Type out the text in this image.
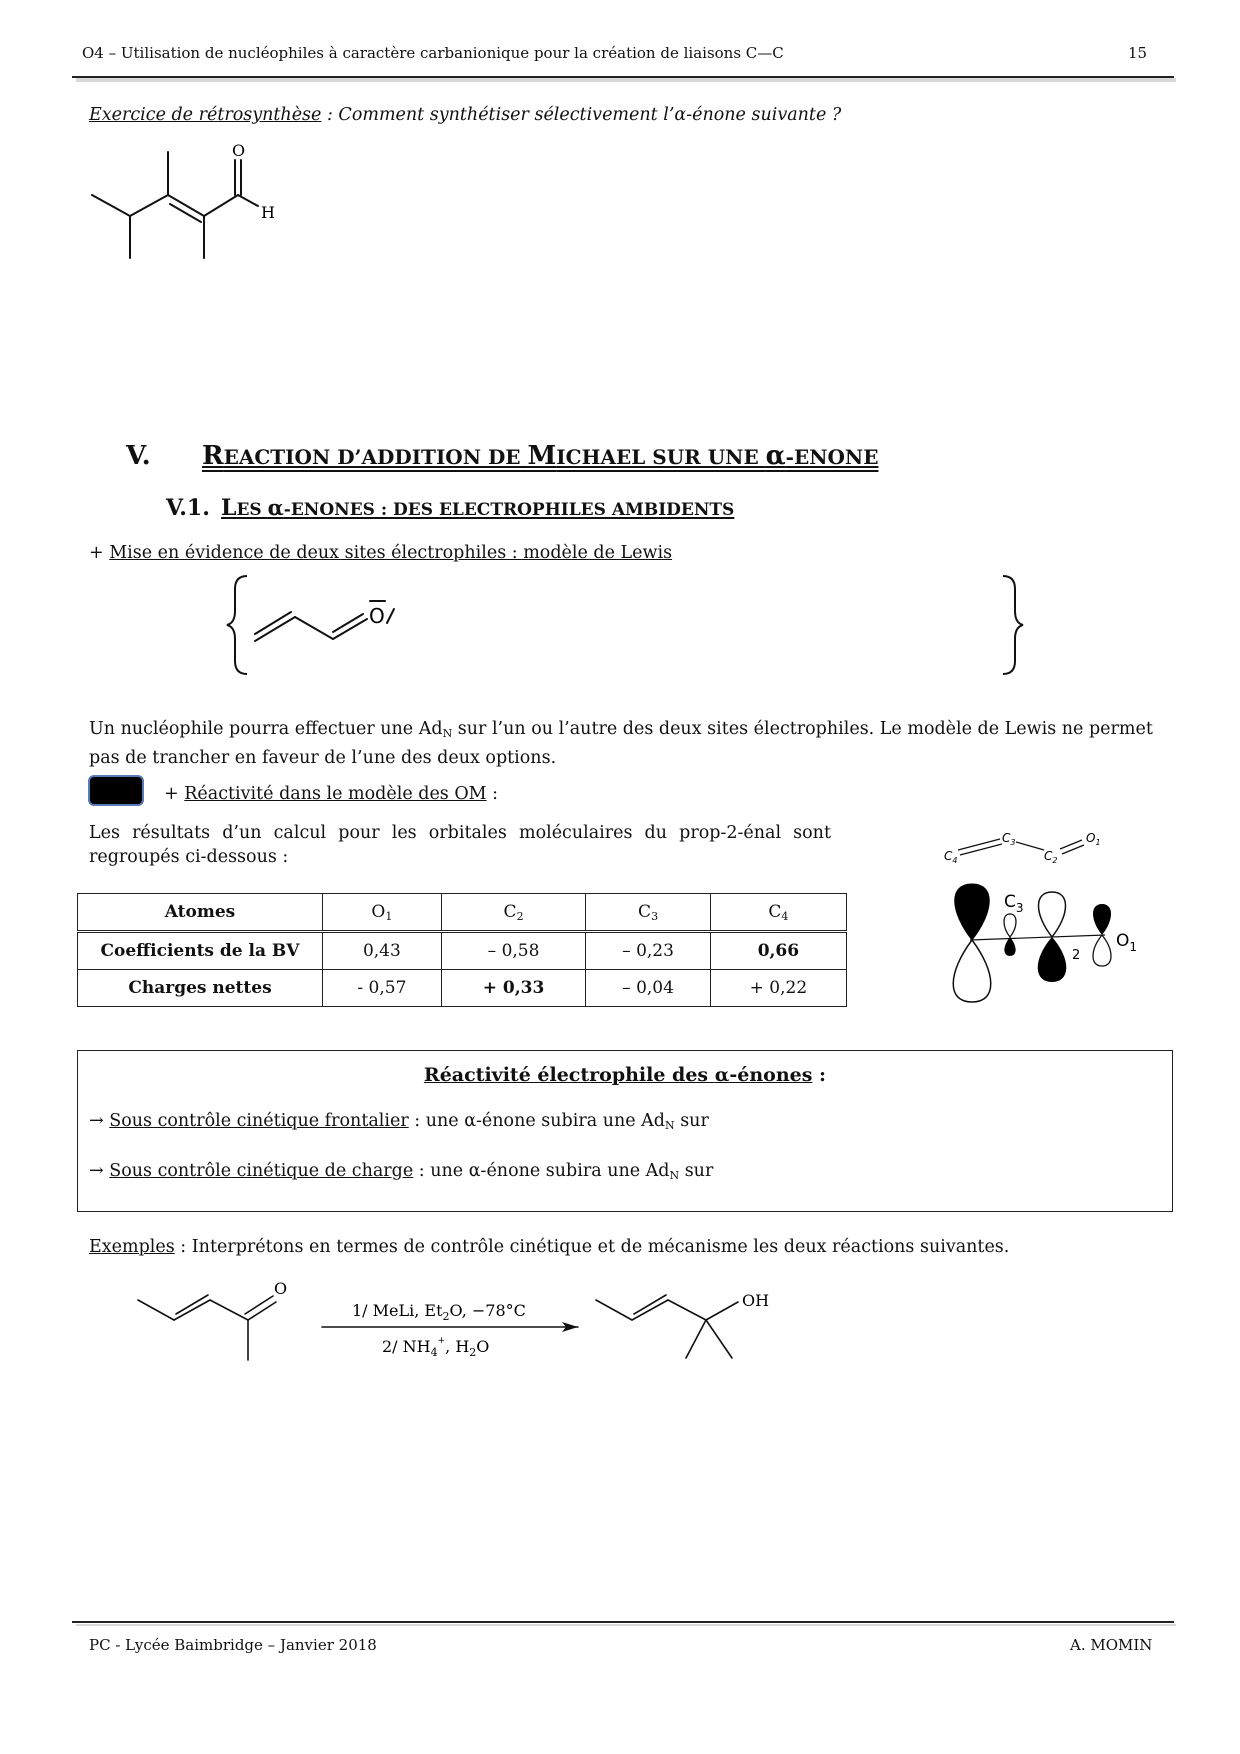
O4 – Utilisation de nucléophiles à caractère carbanionique pour la création de liaisons C—C	15
Exercice de rétrosynthèse : Comment synthétiser sélectivement l’α-énone suivante ?
O
H
V. REACTION D’ADDITION DE MICHAEL SUR UNE α-ENONE
V.1. LES α-ENONES : DES ELECTROPHILES AMBIDENTS
+ Mise en évidence de deux sites électrophiles : modèle de Lewis
O
Un nucléophile pourra effectuer une $Ad_N$ sur l’un ou l’autre des deux sites électrophiles. Le modèle de Lewis ne permet pas de trancher en faveur de l’une des deux options.
+ Réactivité dans le modèle des OM :
Les résultats d’un calcul pour les orbitales moléculaires du prop-2-énal sont regroupés ci-dessous :
Atomes	$O_1$	$C_2$	$C_3$	$C_4$
Coefficients de la BV	0,43	– 0,58	– 0,23	0,66
Charges nettes	- 0,57	+ 0,33	– 0,04	+ 0,22
$C_4$
$C_3$
$C_2$
$O_1$
$C_3$
4	2
$O_1$
Réactivité électrophile des α-énones :
→ Sous contrôle cinétique frontalier : une α-énone subira une $Ad_N$ sur
→ Sous contrôle cinétique de charge : une α-énone subira une $Ad_N$ sur
Exemples : Interprétons en termes de contrôle cinétique et de mécanisme les deux réactions suivantes.
O
1/ MeLi, $Et_2O$, −78°C
2/ $NH_4^+$, $H_2O$
OH
PC - Lycée Baimbridge – Janvier 2018	A. MOMIN
